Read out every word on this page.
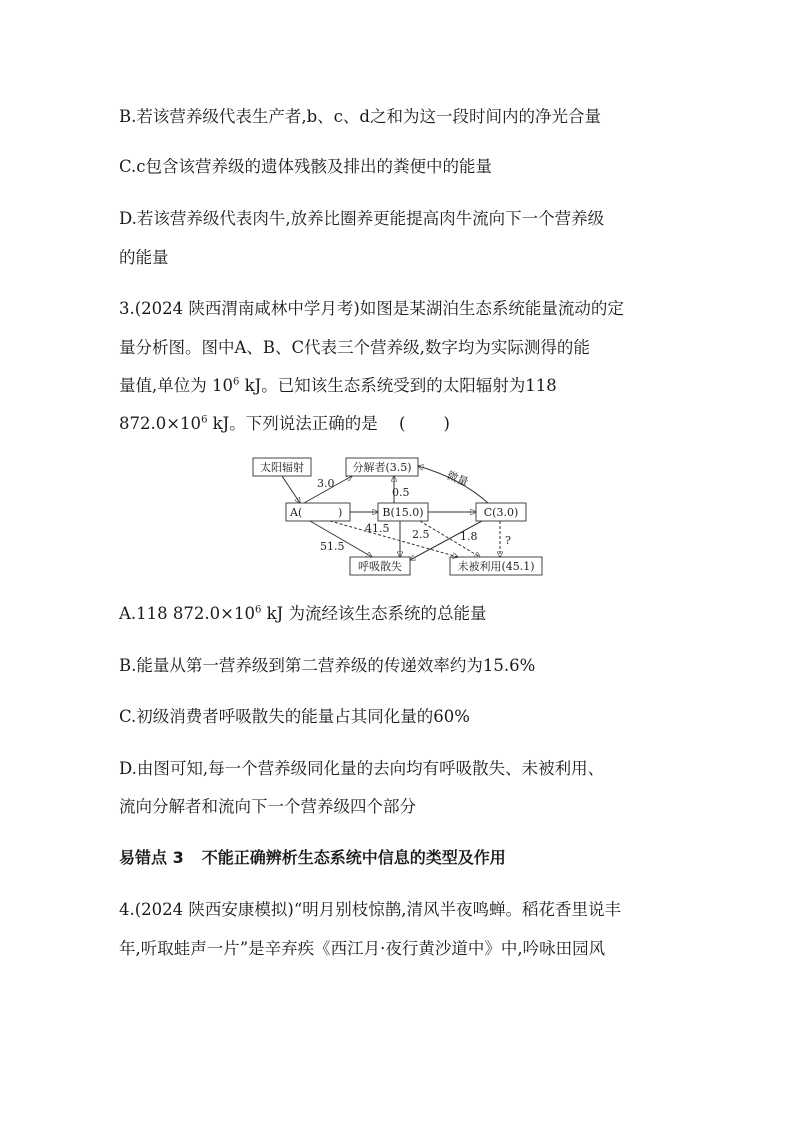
B.若该营养级代表生产者,b、c、d之和为这一段时间内的净光合量
C.c包含该营养级的遗体残骸及排出的粪便中的能量
D.若该营养级代表肉牛,放养比圈养更能提高肉牛流向下一个营养级
的能量
3.(2024 陕西渭南咸林中学月考)如图是某湖泊生态系统能量流动的定
量分析图。图中A、B、C代表三个营养级,数字均为实际测得的能
量值,单位为 $10^6$ kJ。已知该生态系统受到的太阳辐射为118
$872.0\times 10^6$ kJ。下列说法正确的是 ( )
太阳辐射	分解者(3.5)
A(	)	B(15.0)	C(3.0)
呼吸散失	未被利用(45.1)
3.0
0.5
41.5 2.5	1.8
51.5	?
微量
A.118 $872.0\times 10^6$ kJ 为流经该生态系统的总能量
B.能量从第一营养级到第二营养级的传递效率约为15.6%
C.初级消费者呼吸散失的能量占其同化量的60%
D.由图可知,每一个营养级同化量的去向均有呼吸散失、未被利用、
流向分解者和流向下一个营养级四个部分
易错点 3 不能正确辨析生态系统中信息的类型及作用
4.(2024 陕西安康模拟)“明月别枝惊鹊,清风半夜鸣蝉。稻花香里说丰
年,听取蛙声一片”是辛弃疾《西江月·夜行黄沙道中》中,吟咏田园风
